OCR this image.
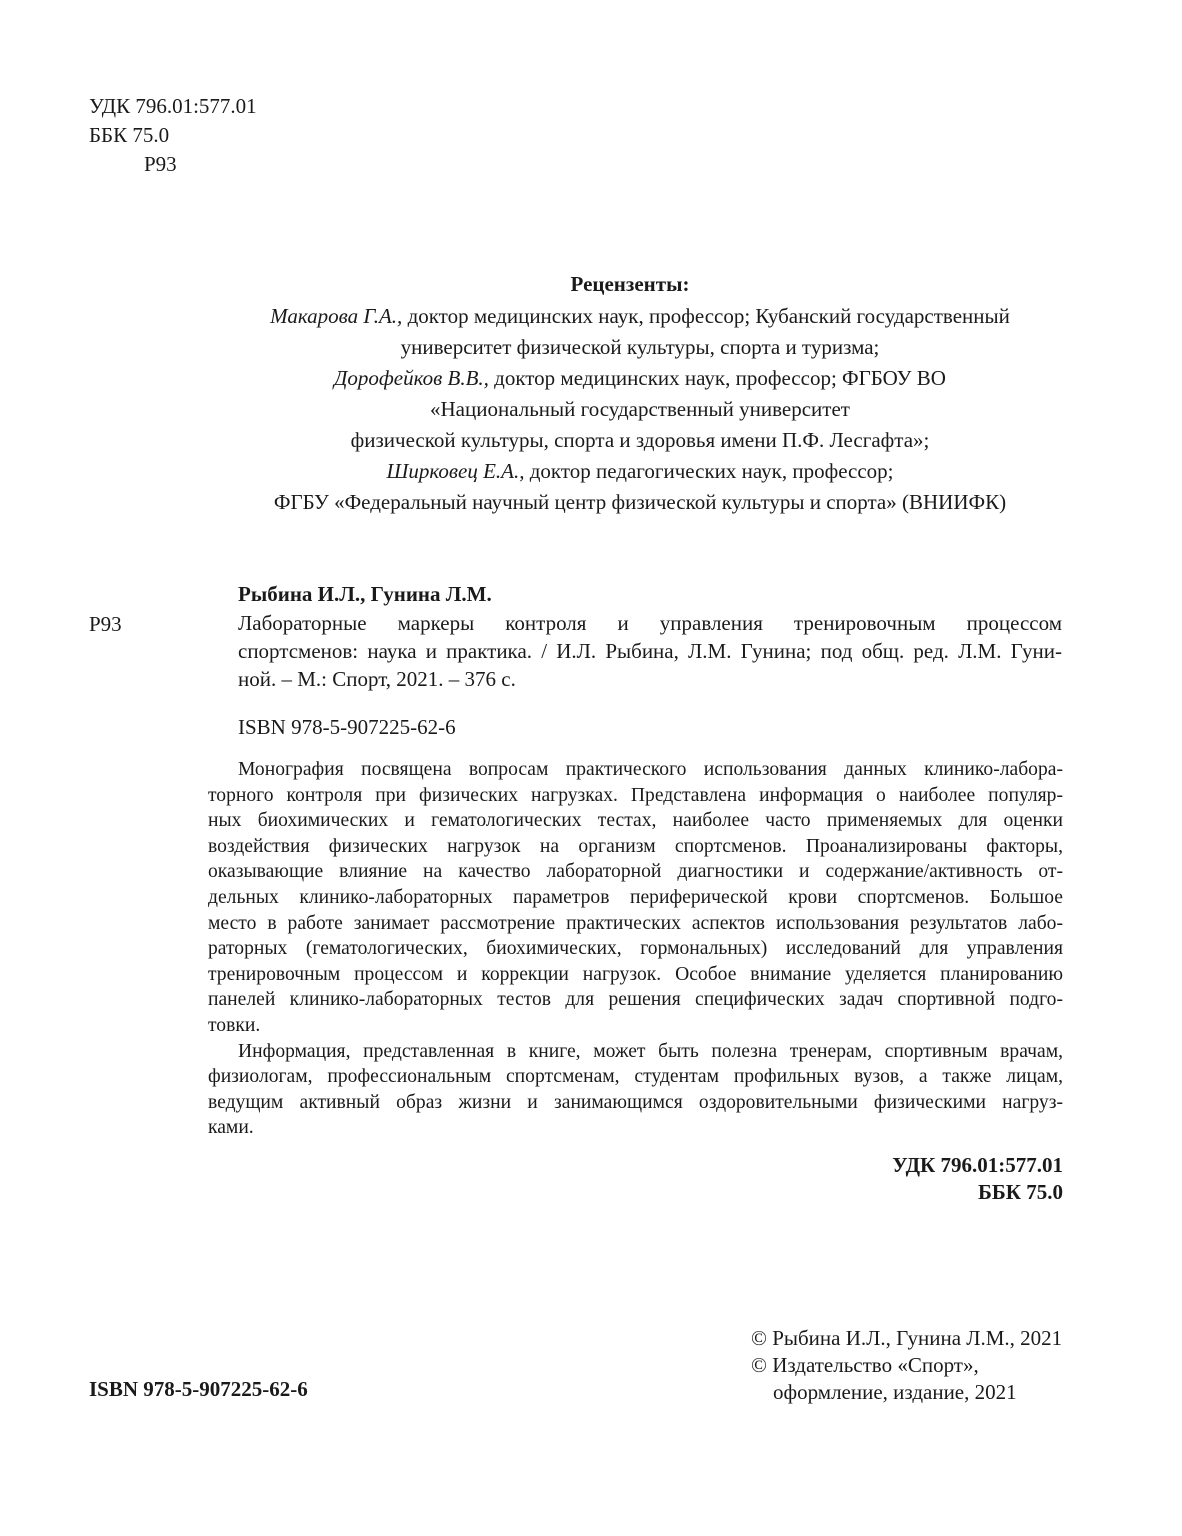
УДК 796.01:577.01
ББК 75.0
Р93
Рецензенты:
Макарова Г.А., доктор медицинских наук, профессор; Кубанский государственный
университет физической культуры, спорта и туризма;
Дорофейков В.В., доктор медицинских наук, профессор; ФГБОУ ВО
«Национальный государственный университет
физической культуры, спорта и здоровья имени П.Ф. Лесгафта»;
Ширковец Е.А., доктор педагогических наук, профессор;
ФГБУ «Федеральный научный центр физической культуры и спорта» (ВНИИФК)
Рыбина И.Л., Гунина Л.М.
Р93	Лабораторные маркеры контроля и управления тренировочным процессом
спортсменов: наука и практика. / И.Л. Рыбина, Л.М. Гунина; под общ. ред. Л.М. Гуни-
ной. – М.: Спорт, 2021. – 376 с.
ISBN 978-5-907225-62-6
Монография посвящена вопросам практического использования данных клинико-лабора-
торного контроля при физических нагрузках. Представлена информация о наиболее популяр-
ных биохимических и гематологических тестах, наиболее часто применяемых для оценки
воздействия физических нагрузок на организм спортсменов. Проанализированы факторы,
оказывающие влияние на качество лабораторной диагностики и содержание/активность от-
дельных клинико-лабораторных параметров периферической крови спортсменов. Большое
место в работе занимает рассмотрение практических аспектов использования результатов лабо-
раторных (гематологических, биохимических, гормональных) исследований для управления
тренировочным процессом и коррекции нагрузок. Особое внимание уделяется планированию
панелей клинико-лабораторных тестов для решения специфических задач спортивной подго-
товки.
Информация, представленная в книге, может быть полезна тренерам, спортивным врачам,
физиологам, профессиональным спортсменам, студентам профильных вузов, а также лицам,
ведущим активный образ жизни и занимающимся оздоровительными физическими нагруз-
ками.
УДК 796.01:577.01
ББК 75.0
© Рыбина И.Л., Гунина Л.М., 2021
© Издательство «Спорт»,
оформление, издание, 2021
ISBN 978-5-907225-62-6
